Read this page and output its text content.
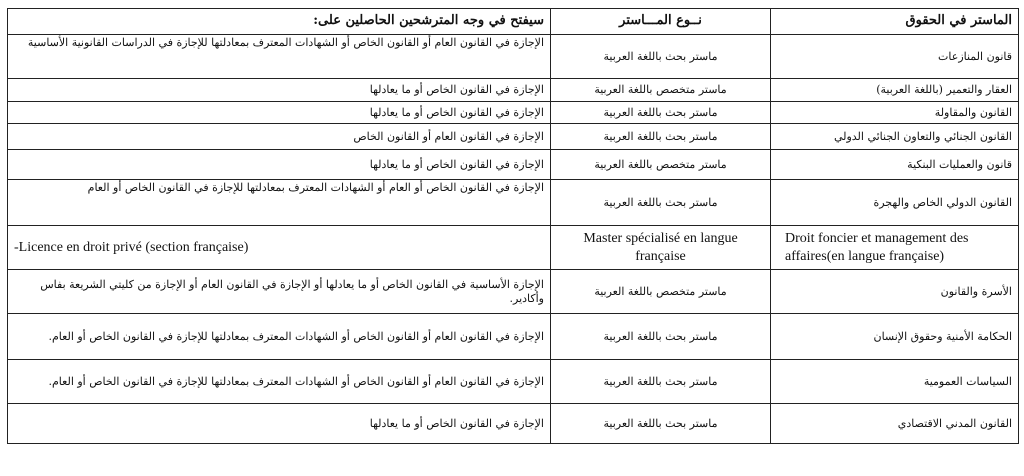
سيفتح في وجه المترشحين الحاصلين على:	نــوع المـــاستر	الماستر في الحقوق
الإجازة في القانون العام أو القانون الخاص أو الشهادات المعترف بمعادلتها للإجازة في الدراسات القانونية الأساسية	ماستر بحث باللغة العربية	قانون المنازعات
الإجازة في القانون الخاص أو ما يعادلها	ماستر متخصص باللغة العربية	العقار والتعمير (باللغة العربية)
الإجازة في القانون الخاص أو ما يعادلها	ماستر بحث باللغة العربية	القانون والمقاولة
الإجازة في القانون العام أو القانون الخاص	ماستر بحث باللغة العربية	القانون الجنائي والتعاون الجنائي الدولي
الإجازة في القانون الخاص أو ما يعادلها	ماستر متخصص باللغة العربية	قانون والعمليات البنكية
الإجازة في القانون الخاص أو العام أو الشهادات المعترف بمعادلتها للإجازة في القانون الخاص أو العام	ماستر بحث باللغة العربية	القانون الدولي الخاص والهجرة
-Licence en droit privé (section française)	Master spécialisé en langue française	Droit foncier et management des affaires(en langue française)
الإجازة الأساسية في القانون الخاص أو ما يعادلها أو الإجازة في القانون العام أو الإجازة من كليتي الشريعة بفاس وأكادير.	ماستر متخصص باللغة العربية	الأسرة والقانون
الإجازة في القانون العام أو القانون الخاص أو الشهادات المعترف بمعادلتها للإجازة في القانون الخاص أو العام.	ماستر بحث باللغة العربية	الحكامة الأمنية وحقوق الإنسان
الإجازة في القانون العام أو القانون الخاص أو الشهادات المعترف بمعادلتها للإجازة في القانون الخاص أو العام.	ماستر بحث باللغة العربية	السياسات العمومية
الإجازة في القانون الخاص أو ما يعادلها	ماستر بحث باللغة العربية	القانون المدني الاقتصادي
